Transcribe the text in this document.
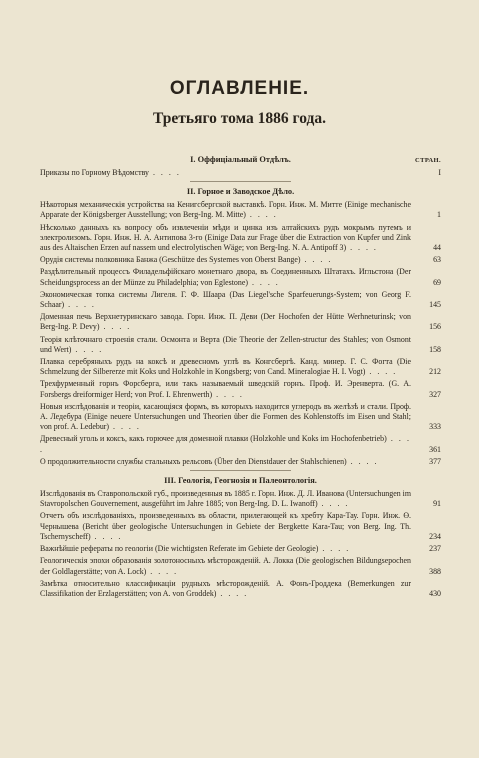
ОГЛАВЛЕНІЕ.
Третьяго тома 1886 года.
I. Оффиціальный Отдѣлъ.	СТРАН.
Приказы по Горному Вѣдомству . . . .	I
II. Горное и Заводское Дѣло.
Нѣкоторыя механическія устройства на Кенигсбергской выставкѣ. Горн. Инж. М. Митте (Einige mechanische Apparate der Königsberger Ausstellung; von Berg-Ing. M. Mitte) . . . .	1
Нѣсколько данныхъ къ вопросу объ извлеченіи мѣди и цинка изъ алтайскихъ рудъ мокрымъ путемъ и электролизомъ. Горн. Инж. Н. А. Антипова 3-го (Einige Data zur Frage über die Extraction von Kupfer und Zink aus des Altaischen Erzen auf nassem und electrolytischen Wäge; von Berg-Ing. N. A. Antipoff 3) . . . .	44
Орудія системы полковника Банжа (Geschütze des Systemes von Oberst Bange) . . . .	63
Раздѣлительный процессъ Филадельфійскаго монетнаго двора, въ Соединенныхъ Штатахъ. Игльстона (Der Scheidungsprocess an der Münze zu Philadelphia; von Eglestone) . . . .	69
Экономическая топка системы Лигеля. Г. Ф. Шаара (Das Liegel'sche Sparfeuerungs-System; von Georg F. Schaar) . . . .	145
Доменная печь Верхнетуринскаго завода. Горн. Инж. П. Деви (Der Hochofen der Hütte Werhneturinsk; von Berg-Ing. P. Devy) . . . .	156
Теорія клѣточнаго строенія стали. Осмонта и Верта (Die Theorie der Zellen-structur des Stahles; von Osmont und Wert) . . . .	158
Плавка серебряныхъ рудъ на коксѣ и древесномъ углѣ въ Конгсбергѣ. Канд. минер. Г. С. Фогта (Die Schmelzung der Silbererze mit Koks und Holzkohle in Kongsberg; von Cand. Mineralogiae H. I. Vogt) . . . .	212
Трехфурменный горнъ Форсберга, или такъ называемый шведскій горнъ. Проф. И. Эренверта. (G. A. Forsbergs dreiformiger Herd; von Prof. I. Ehrenwerth) . . . .	327
Новыя изслѣдованія и теоріи, касающіяся формъ, въ которыхъ находится углеродъ въ желѣзѣ и стали. Проф. А. Ледебура (Einige neuere Untersuchungen und Theorien über die Formen des Kohlenstoffs im Eisen und Stahl; von prof. A. Ledebur) . . . .	333
Древесный уголь и коксъ, какъ горючее для доменной плавки (Holzkohle und Koks im Hochofenbetrieb) . . . .	361
О продолжительности службы стальныхъ рельсовъ (Über den Dienstdauer der Stahlschienen) . . . .	377
III. Геологія, Геогнозія и Палеонтологія.
Изслѣдованія въ Ставропольской губ., произведенныя въ 1885 г. Горн. Инж. Д. Л. Иванова (Untersuchungen im Stavropolschen Gouvernement, ausgeführt im Jahre 1885; von Berg-Ing. D. L. Iwanoff) . . . .	91
Отчетъ объ изслѣдованіяхъ, произведенныхъ въ области, прилегающей къ хребту Кара-Тау. Горн. Инж. Ө. Чернышева (Bericht über geologische Untersuchungen in Gebiete der Bergkette Kara-Tau; von Berg. Ing. Th. Tschernyscheff) . . . .	234
Важнѣйшіе рефераты по геологіи (Die wichtigsten Referate im Gebiete der Geologie) . . . .	237
Геологическія эпохи образованія золотоносныхъ мѣсторожденій. А. Локка (Die geologischen Bildungsepochen der Goldlagerstätte; von A. Lock) . . . .	388
Замѣтка относительно классификаціи рудныхъ мѣсторожденій. А. Фонъ-Гроддека (Bemerkungen zur Classifikation der Erzlagerstätten; von A. von Groddek) . . . .	430
